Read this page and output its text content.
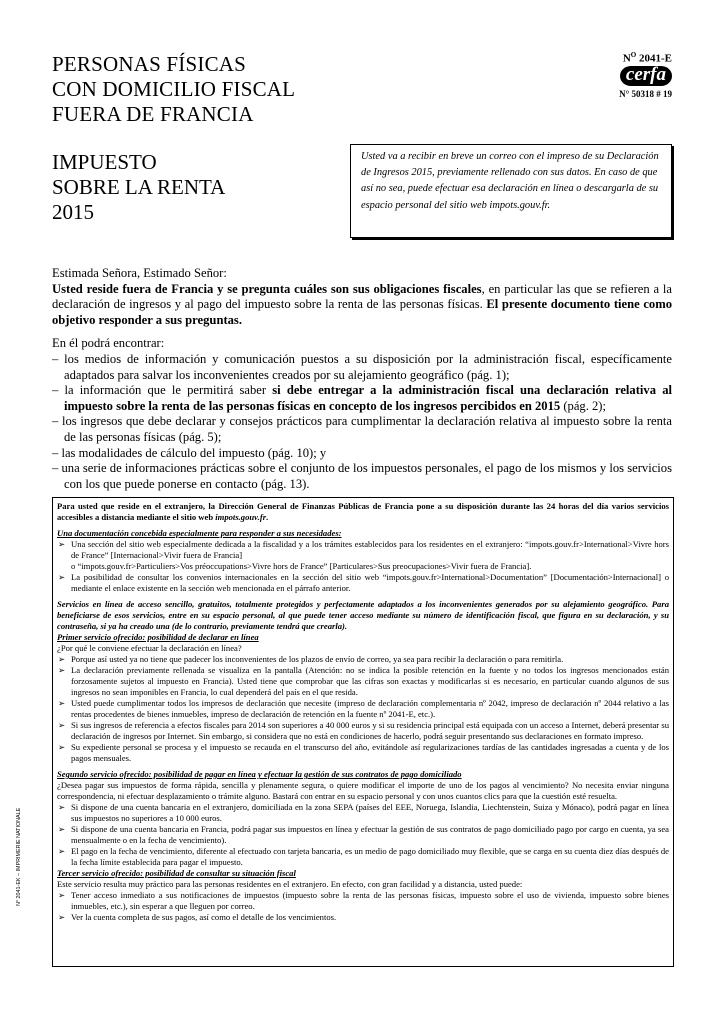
PERSONAS FÍSICAS
CON DOMICILIO FISCAL
FUERA DE FRANCIA
IMPUESTO
SOBRE LA RENTA
2015
$N^O$ 2041-E
cerfa
N° 50318 # 19
Usted va a recibir en breve un correo con el impreso de su Declaración de Ingresos 2015, previamente rellenado con sus datos. En caso de que así no sea, puede efectuar esa declaración en línea o descargarla de su espacio personal del sitio web impots.gouv.fr.

Estimada Señora, Estimado Señor:

Usted reside fuera de Francia y se pregunta cuáles son sus obligaciones fiscales, en particular las que se refieren a la declaración de ingresos y al pago del impuesto sobre la renta de las personas físicas. El presente documento tiene como objetivo responder a sus preguntas.

En él podrá encontrar:

– los medios de información y comunicación puestos a su disposición por la administración fiscal, específicamente adaptados para salvar los inconvenientes creados por su alejamiento geográfico (pág. 1);
– la información que le permitirá saber si debe entregar a la administración fiscal una declaración relativa al impuesto sobre la renta de las personas físicas en concepto de los ingresos percibidos en 2015 (pág. 2);
– los ingresos que debe declarar y consejos prácticos para cumplimentar la declaración relativa al impuesto sobre la renta de las personas físicas (pág. 5);
– las modalidades de cálculo del impuesto (pág. 10); y
– una serie de informaciones prácticas sobre el conjunto de los impuestos personales, el pago de los mismos y los servicios con los que puede ponerse en contacto (pág. 13).

Para usted que reside en el extranjero, la Dirección General de Finanzas Públicas de Francia pone a su disposición durante las 24 horas del día varios servicios accesibles a distancia mediante el sitio web impots.gouv.fr.

Una documentación concebida especialmente para responder a sus necesidades:

➢ Una sección del sitio web especialmente dedicada a la fiscalidad y a los trámites establecidos para los residentes en el extranjero: “impots.gouv.fr>International>Vivre hors de France” [Internacional>Vivir fuera de Francia]
o “impots.gouv.fr>Particuliers>Vos préoccupations>Vivre hors de France” [Particulares>Sus preocupaciones>Vivir fuera de Francia].
➢ La posibilidad de consultar los convenios internacionales en la sección del sitio web “impots.gouv.fr>International>Documentation” [Documentación>Internacional] o mediante el enlace existente en la sección web mencionada en el párrafo anterior.

Servicios en línea de acceso sencillo, gratuitos, totalmente protegidos y perfectamente adaptados a los inconvenientes generados por su alejamiento geográfico. Para beneficiarse de esos servicios, entre en su espacio personal, al que puede tener acceso mediante su número de identificación fiscal, que figura en su declaración, y su contraseña, si ya ha creado una (de lo contrario, previamente tendrá que crearla).

Primer servicio ofrecido: posibilidad de declarar en línea

¿Por qué le conviene efectuar la declaración en línea?

➢ Porque así usted ya no tiene que padecer los inconvenientes de los plazos de envío de correo, ya sea para recibir la declaración o para remitirla.
➢ La declaración previamente rellenada se visualiza en la pantalla (Atención: no se indica la posible retención en la fuente y no todos los ingresos mencionados están forzosamente sujetos al impuesto en Francia). Usted tiene que comprobar que las cifras son exactas y modificarlas si es necesario, en particular cuando algunos de sus ingresos no sean imponibles en Francia, lo cual dependerá del país en el que resida.
➢ Usted puede cumplimentar todos los impresos de declaración que necesite (impreso de declaración complementaria nº 2042, impreso de declaración nº 2044 relativo a las rentas procedentes de bienes inmuebles, impreso de declaración de retención en la fuente nº 2041-E, etc.).
➢ Si sus ingresos de referencia a efectos fiscales para 2014 son superiores a 40 000 euros y si su residencia principal está equipada con un acceso a Internet, deberá presentar su declaración de ingresos por Internet. Sin embargo, si considera que no está en condiciones de hacerlo, podrá seguir presentando sus declaraciones en formato impreso.
➢ Su expediente personal se procesa y el impuesto se recauda en el transcurso del año, evitándole así regularizaciones tardías de las cantidades ingresadas a cuenta y de los pagos mensuales.

Segundo servicio ofrecido: posibilidad de pagar en línea y efectuar la gestión de sus contratos de pago domiciliado

¿Desea pagar sus impuestos de forma rápida, sencilla y plenamente segura, o quiere modificar el importe de uno de los pagos al vencimiento? No necesita enviar ninguna correspondencia, ni efectuar desplazamiento o trámite alguno. Bastará con entrar en su espacio personal y con unos cuantos clics para que la cuestión esté resuelta.

➢ Si dispone de una cuenta bancaria en el extranjero, domiciliada en la zona SEPA (países del EEE, Noruega, Islandia, Liechtenstein, Suiza y Mónaco), podrá pagar en línea sus impuestos no superiores a 10 000 euros.
➢ Si dispone de una cuenta bancaria en Francia, podrá pagar sus impuestos en línea y efectuar la gestión de sus contratos de pago domiciliado pago por cargo en cuenta, ya sea mensualmente o en la fecha de vencimiento).
➢ El pago en la fecha de vencimiento, diferente al efectuado con tarjeta bancaria, es un medio de pago domiciliado muy flexible, que se carga en su cuenta diez días después de la fecha límite establecida para pagar el impuesto.

Tercer servicio ofrecido: posibilidad de consultar su situación fiscal

Este servicio resulta muy práctico para las personas residentes en el extranjero. En efecto, con gran facilidad y a distancia, usted puede:

➢ Tener acceso inmediato a sus notificaciones de impuestos (impuesto sobre la renta de las personas físicas, impuesto sobre el uso de vivienda, impuesto sobre bienes inmuebles, etc.), sin esperar a que lleguen por correo.
➢ Ver la cuenta completa de sus pagos, así como el detalle de los vencimientos.
N° 2041-EK – IMPRIMERIE NATIONALE
